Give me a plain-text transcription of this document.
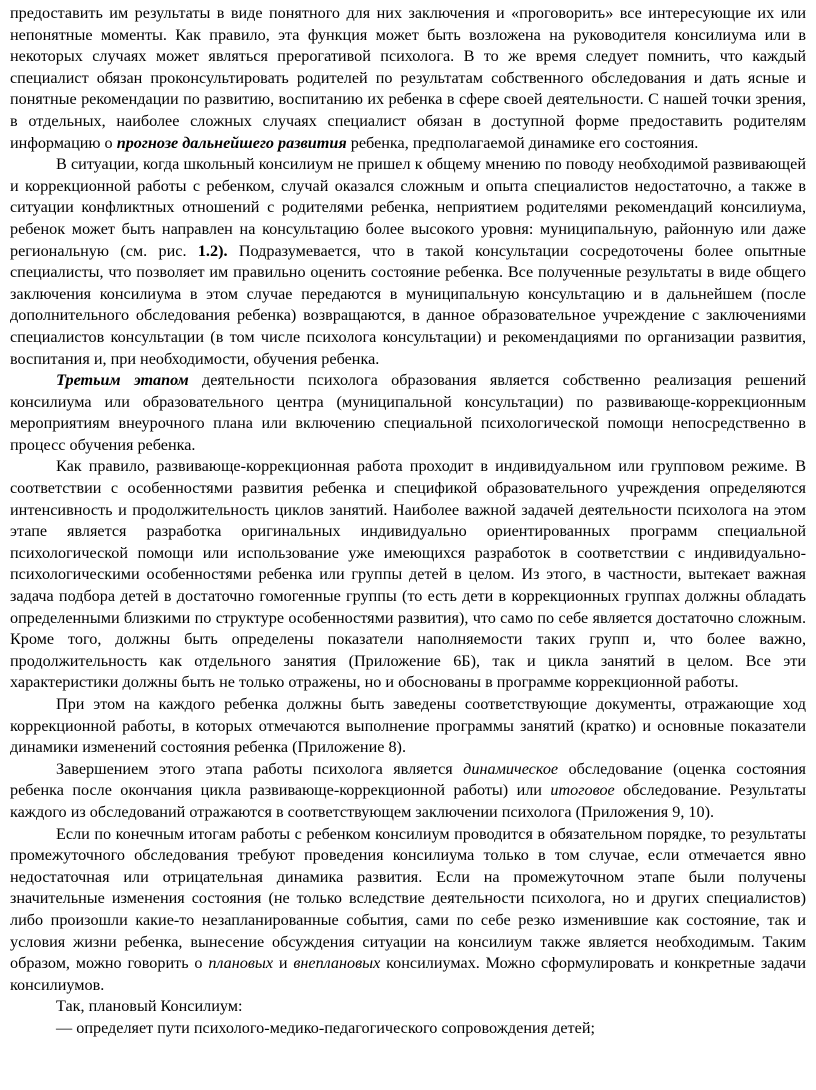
предоставить им результаты в виде понятного для них заключения и «проговорить» все интересующие их или непонятные моменты. Как правило, эта функция может быть возложена на руководителя консилиума или в некоторых случаях может являться прерогативой психолога. В то же время следует помнить, что каждый специалист обязан проконсультировать родителей по результатам собственного обследования и дать ясные и понятные рекомендации по развитию, воспитанию их ребенка в сфере своей деятельности. С нашей точки зрения, в отдельных, наиболее сложных случаях специалист обязан в доступной форме предоставить родителям информацию о прогнозе дальнейшего развития ребенка, предполагаемой динамике его состояния.

В ситуации, когда школьный консилиум не пришел к общему мнению по поводу необходимой развивающей и коррекционной работы с ребенком, случай оказался сложным и опыта специалистов недостаточно, а также в ситуации конфликтных отношений с родителями ребенка, неприятием родителями рекомендаций консилиума, ребенок может быть направлен на консультацию более высокого уровня: муниципальную, районную или даже региональную (см. рис. 1.2). Подразумевается, что в такой консультации сосредоточены более опытные специалисты, что позволяет им правильно оценить состояние ребенка. Все полученные результаты в виде общего заключения консилиума в этом случае передаются в муниципальную консультацию и в дальнейшем (после дополнительного обследования ребенка) возвращаются, в данное образовательное учреждение с заключениями специалистов консультации (в том числе психолога консультации) и рекомендациями по организации развития, воспитания и, при необходимости, обучения ребенка.

Третьим этапом деятельности психолога образования является собственно реализация решений консилиума или образовательного центра (муниципальной консультации) по развивающе-коррекционным мероприятиям внеурочного плана или включению специальной психологической помощи непосредственно в процесс обучения ребенка.

Как правило, развивающе-коррекционная работа проходит в индивидуальном или групповом режиме. В соответствии с особенностями развития ребенка и спецификой образовательного учреждения определяются интенсивность и продолжительность циклов занятий. Наиболее важной задачей деятельности психолога на этом этапе является разработка оригинальных индивидуально ориентированных программ специальной психологической помощи или использование уже имеющихся разработок в соответствии с индивидуально-психологическими особенностями ребенка или группы детей в целом. Из этого, в частности, вытекает важная задача подбора детей в достаточно гомогенные группы (то есть дети в коррекционных группах должны обладать определенными близкими по структуре особенностями развития), что само по себе является достаточно сложным. Кроме того, должны быть определены показатели наполняемости таких групп и, что более важно, продолжительность как отдельного занятия (Приложение 6Б), так и цикла занятий в целом. Все эти характеристики должны быть не только отражены, но и обоснованы в программе коррекционной работы.

При этом на каждого ребенка должны быть заведены соответствующие документы, отражающие ход коррекционной работы, в которых отмечаются выполнение программы занятий (кратко) и основные показатели динамики изменений состояния ребенка (Приложение 8).

Завершением этого этапа работы психолога является динамическое обследование (оценка состояния ребенка после окончания цикла развивающе-коррекционной работы) или итоговое обследование. Результаты каждого из обследований отражаются в соответствующем заключении психолога (Приложения 9, 10).

Если по конечным итогам работы с ребенком консилиум проводится в обязательном порядке, то результаты промежуточного обследования требуют проведения консилиума только в том случае, если отмечается явно недостаточная или отрицательная динамика развития. Если на промежуточном этапе были получены значительные изменения состояния (не только вследствие деятельности психолога, но и других специалистов) либо произошли какие-то незапланированные события, сами по себе резко изменившие как состояние, так и условия жизни ребенка, вынесение обсуждения ситуации на консилиум также является необходимым. Таким образом, можно говорить о плановых и внеплановых консилиумах. Можно сформулировать и конкретные задачи консилиумов.

Так, плановый Консилиум:

— определяет пути психолого-медико-педагогического сопровождения детей;
